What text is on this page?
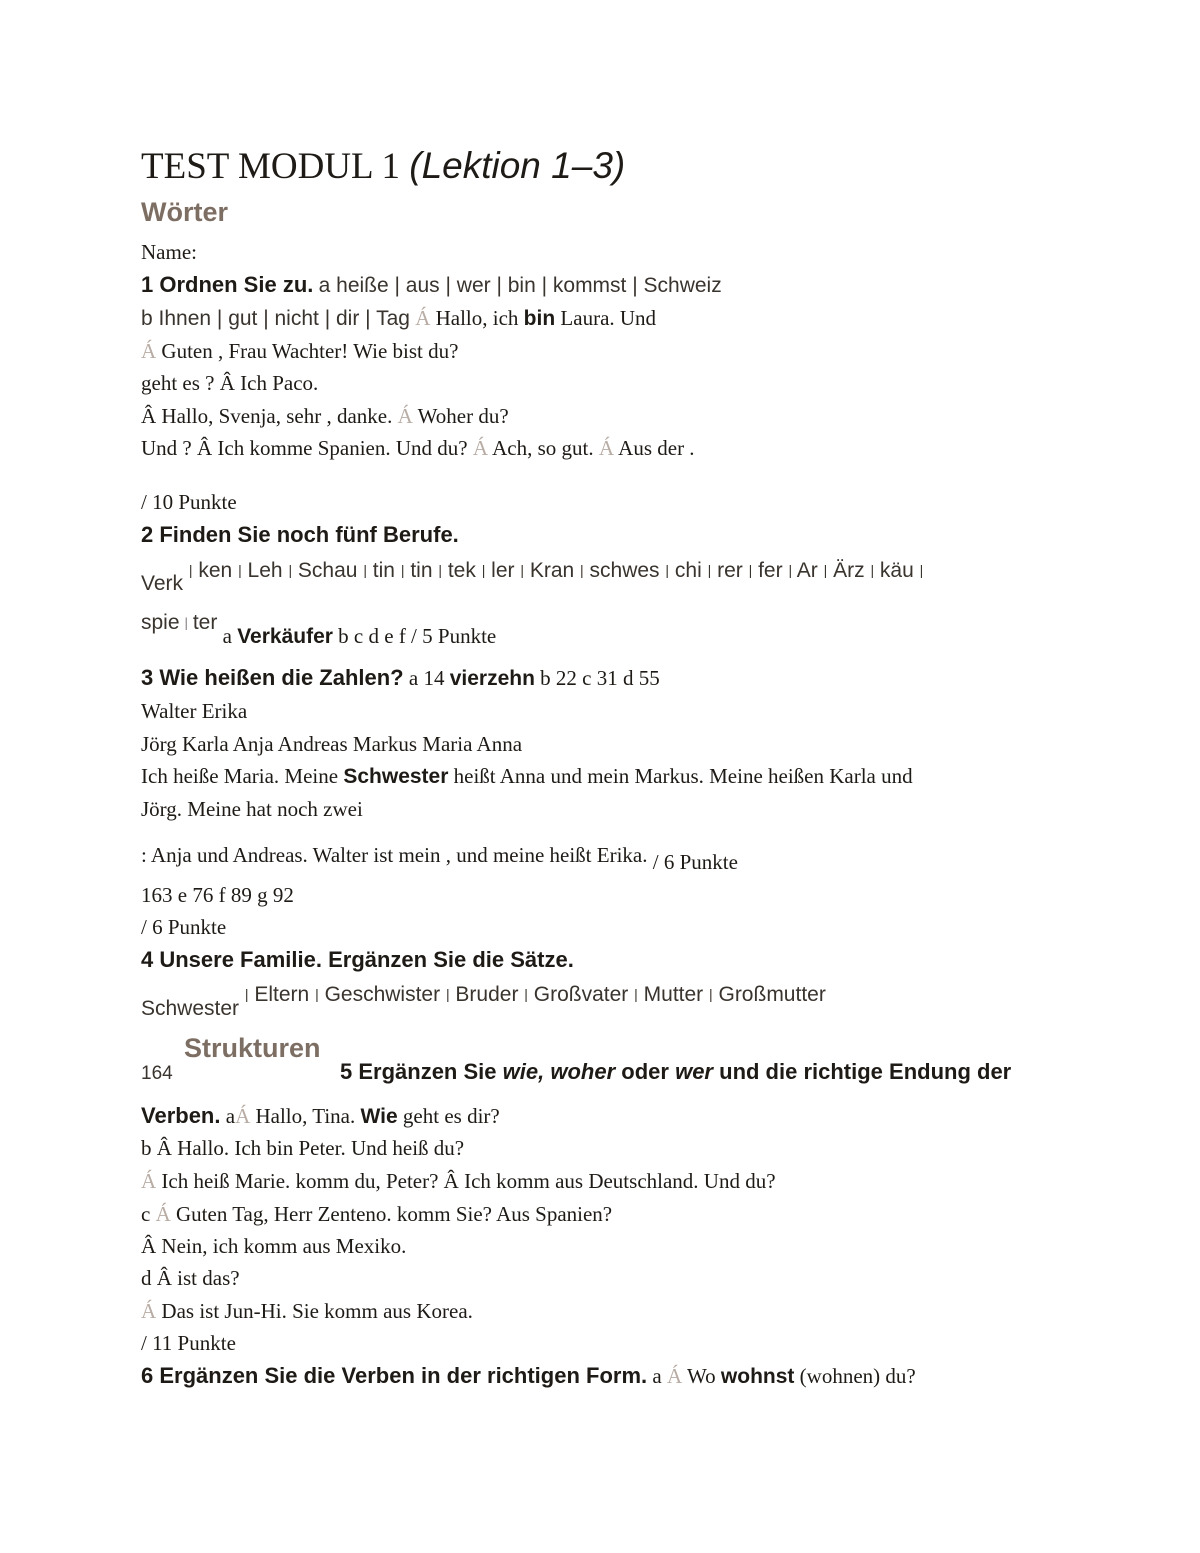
TEST MODUL 1 (Lektion 1–3)
Wörter
Name:
1 Ordnen Sie zu. a heiße | aus | wer | bin | kommst | Schweiz
b Ihnen | gut | nicht | dir | Tag Á Hallo, ich bin Laura. Und
Á Guten , Frau Wachter! Wie bist du?
geht es ? Â Ich Paco.
Â Hallo, Svenja, sehr , danke. Á Woher du?
Und ? Â Ich komme Spanien. Und du? Á Ach, so gut. Á Aus der .
/ 10 Punkte
2 Finden Sie noch fünf Berufe.
Verk | ken | Leh | Schau | tin | tin | tek | ler | Kran | schwes | chi | rer | fer | Ar | Ärz | käu |
spie | ter a Verkäufer b c d e f / 5 Punkte
3 Wie heißen die Zahlen? a 14 vierzehn b 22 c 31 d 55
Walter Erika
Jörg Karla Anja Andreas Markus Maria Anna
Ich heiße Maria. Meine Schwester heißt Anna und mein Markus. Meine heißen Karla und
Jörg. Meine hat noch zwei
: Anja und Andreas. Walter ist mein , und meine heißt Erika. / 6 Punkte
163 e 76 f 89 g 92
/ 6 Punkte
4 Unsere Familie. Ergänzen Sie die Sätze.
Schwester | Eltern | Geschwister | Bruder | Großvater | Mutter | Großmutter
164
Strukturen
5 Ergänzen Sie wie, woher oder wer und die richtige Endung der
Verben. aÁ Hallo, Tina. Wie geht es dir?
b Â Hallo. Ich bin Peter. Und heiß du?
Á Ich heiß Marie. komm du, Peter? Â Ich komm aus Deutschland. Und du?
c Á Guten Tag, Herr Zenteno. komm Sie? Aus Spanien?
Â Nein, ich komm aus Mexiko.
d Â ist das?
Á Das ist Jun-Hi. Sie komm aus Korea.
/ 11 Punkte
6 Ergänzen Sie die Verben in der richtigen Form. a Á Wo wohnst (wohnen) du?
